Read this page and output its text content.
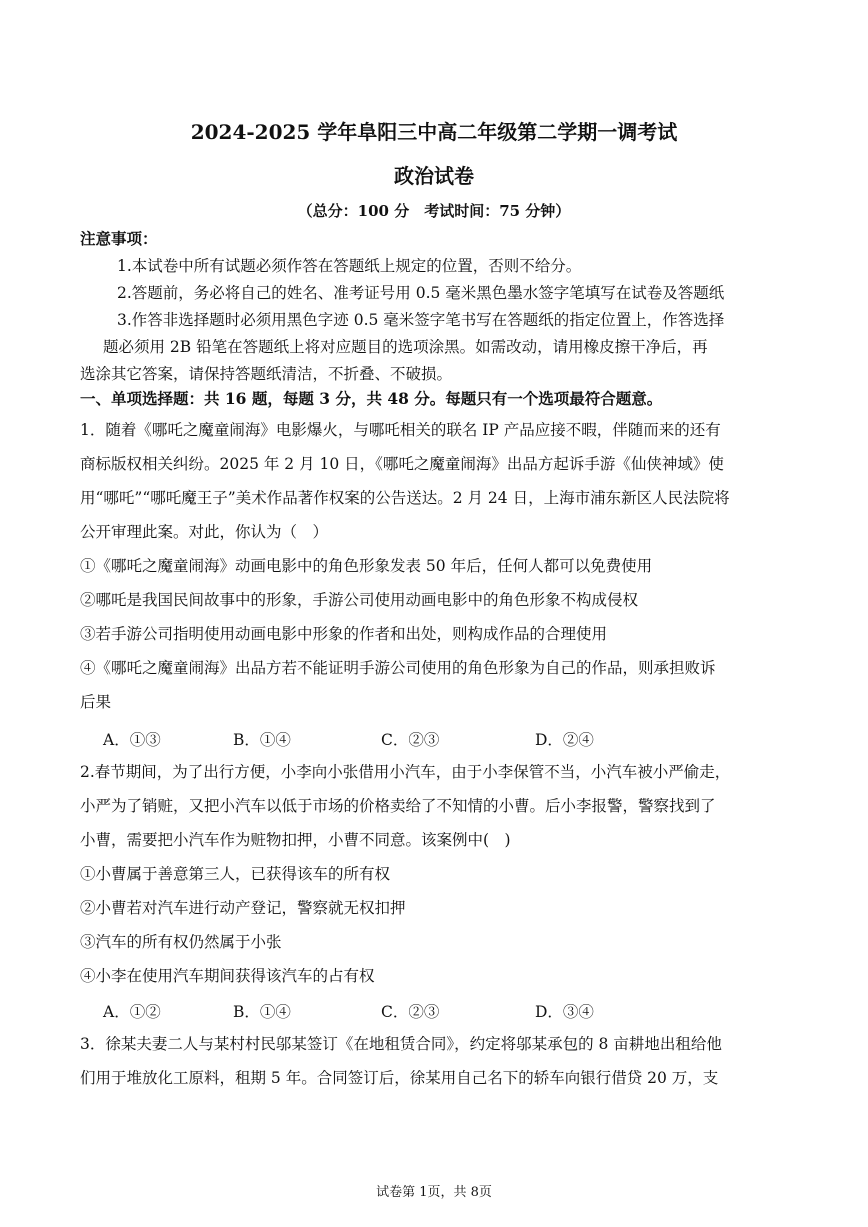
2024-2025 学年阜阳三中高二年级第二学期一调考试
政治试卷
（总分：100 分　考试时间：75 分钟）
注意事项：
1.本试卷中所有试题必须作答在答题纸上规定的位置，否则不给分。
2.答题前，务必将自己的姓名、准考证号用 0.5 毫米黑色墨水签字笔填写在试卷及答题纸
3.作答非选择题时必须用黑色字迹 0.5 毫米签字笔书写在答题纸的指定位置上，作答选择
题必须用 2B 铅笔在答题纸上将对应题目的选项涂黑。如需改动，请用橡皮擦干净后，再
选涂其它答案，请保持答题纸清洁，不折叠、不破损。
一、单项选择题：共 16 题，每题 3 分，共 48 分。每题只有一个选项最符合题意。
1．随着《哪吒之魔童闹海》电影爆火，与哪吒相关的联名 IP 产品应接不暇，伴随而来的还有
商标版权相关纠纷。2025 年 2 月 10 日，《哪吒之魔童闹海》出品方起诉手游《仙侠神域》使
用“哪吒”“哪吒魔王子”美术作品著作权案的公告送达。2 月 24 日，上海市浦东新区人民法院将
公开审理此案。对此，你认为（　）
①《哪吒之魔童闹海》动画电影中的角色形象发表 50 年后，任何人都可以免费使用
②哪吒是我国民间故事中的形象，手游公司使用动画电影中的角色形象不构成侵权
③若手游公司指明使用动画电影中形象的作者和出处，则构成作品的合理使用
④《哪吒之魔童闹海》出品方若不能证明手游公司使用的角色形象为自己的作品，则承担败诉
后果
A．①③	B．①④	C．②③	D．②④
2.春节期间，为了出行方便，小李向小张借用小汽车，由于小李保管不当，小汽车被小严偷走，
小严为了销赃，又把小汽车以低于市场的价格卖给了不知情的小曹。后小李报警，警察找到了
小曹，需要把小汽车作为赃物扣押，小曹不同意。该案例中(　)
①小曹属于善意第三人，已获得该车的所有权
②小曹若对汽车进行动产登记，警察就无权扣押
③汽车的所有权仍然属于小张
④小李在使用汽车期间获得该汽车的占有权
A．①②	B．①④	C．②③	D．③④
3．徐某夫妻二人与某村村民邬某签订《在地租赁合同》，约定将邬某承包的 8 亩耕地出租给他
们用于堆放化工原料，租期 5 年。合同签订后，徐某用自己名下的轿车向银行借贷 20 万，支
试卷第 1页，共 8页
